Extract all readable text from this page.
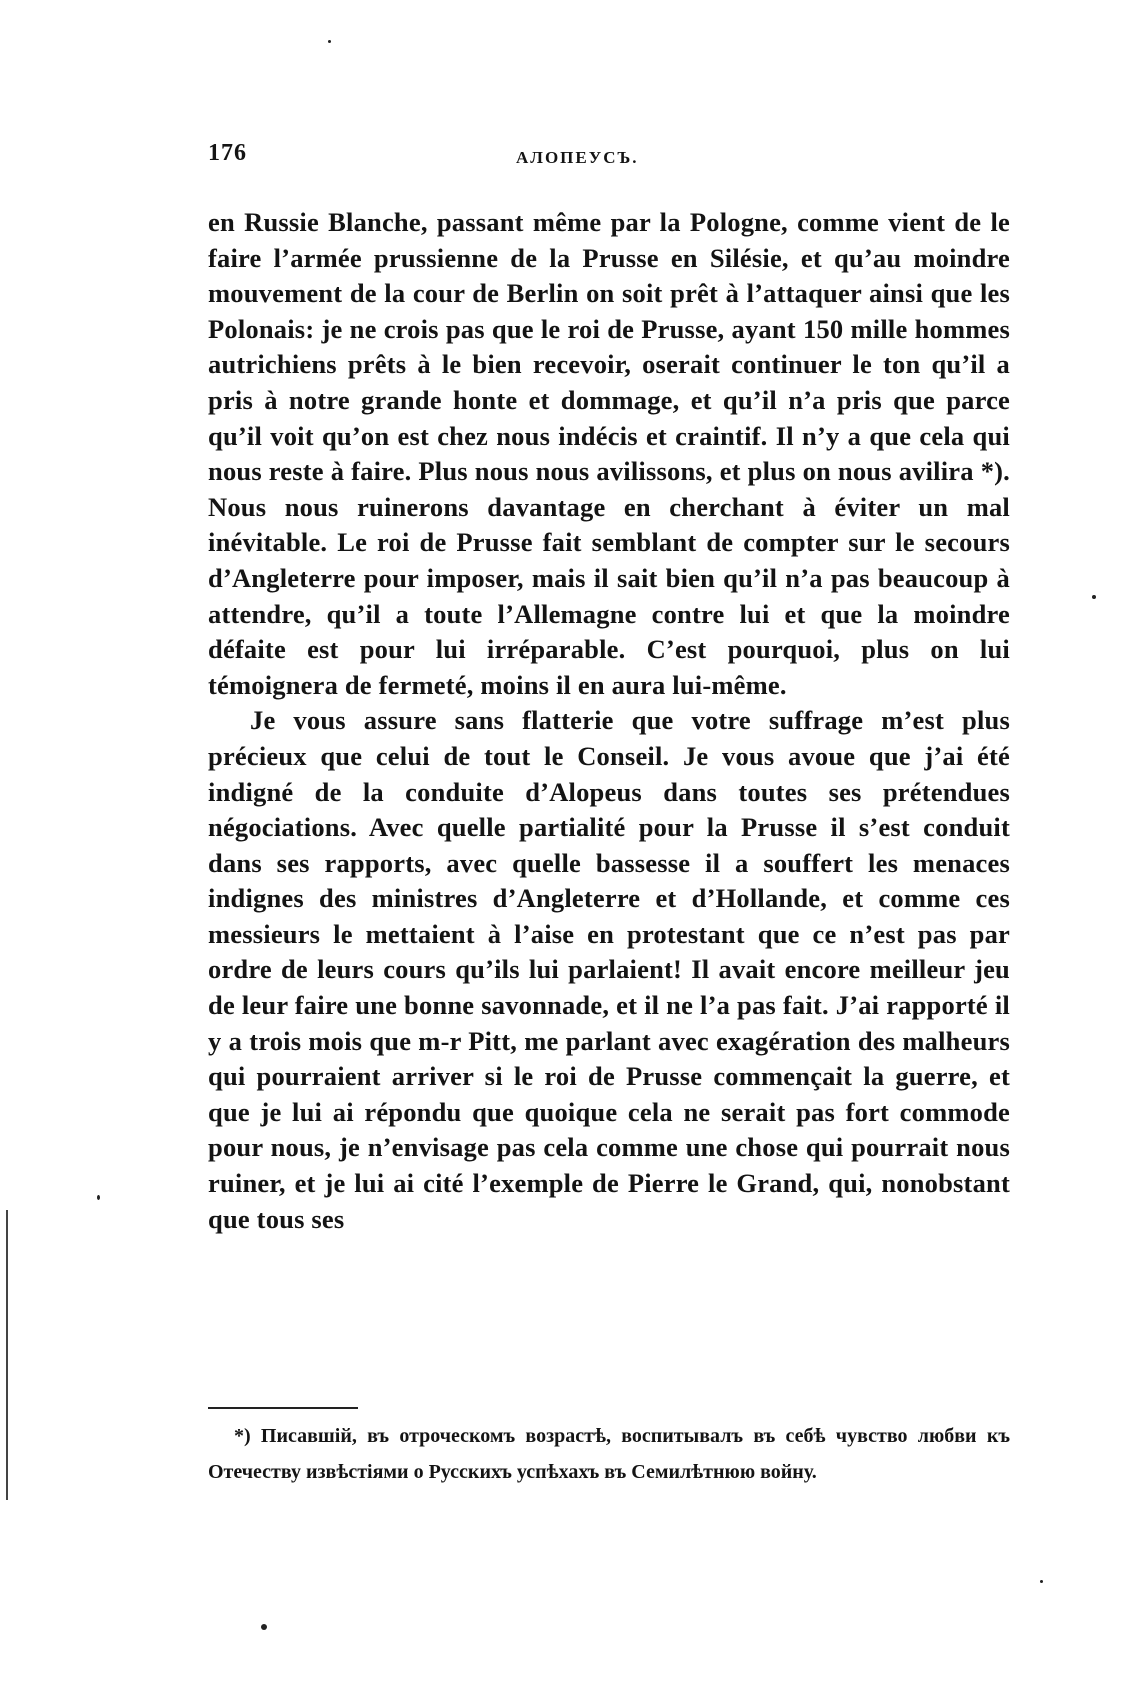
176	АЛОПЕУСЪ.

en Russie Blanche, passant même par la Pologne, comme vient de le faire l’armée prussienne de la Prusse en Silésie, et qu’au moindre mouvement de la cour de Berlin on soit prêt à l’attaquer ainsi que les Polonais: je ne crois pas que le roi de Prusse, ayant 150 mille hommes autrichiens prêts à le bien recevoir, oserait continuer le ton qu’il a pris à notre grande honte et dommage, et qu’il n’a pris que parce qu’il voit qu’on est chez nous indécis et craintif. Il n’y a que cela qui nous reste à faire. Plus nous nous avilissons, et plus on nous avilira *). Nous nous ruinerons davantage en cherchant à éviter un mal inévitable. Le roi de Prusse fait semblant de compter sur le secours d’Angleterre pour imposer, mais il sait bien qu’il n’a pas beaucoup à attendre, qu’il a toute l’Allemagne contre lui et que la moindre défaite est pour lui irréparable. C’est pourquoi, plus on lui témoignera de fermeté, moins il en aura lui-même.

Je vous assure sans flatterie que votre suffrage m’est plus précieux que celui de tout le Conseil. Je vous avoue que j’ai été indigné de la conduite d’Alopeus dans toutes ses prétendues négociations. Avec quelle partialité pour la Prusse il s’est conduit dans ses rapports, avec quelle bassesse il a souffert les menaces indignes des ministres d’Angleterre et d’Hollande, et comme ces messieurs le mettaient à l’aise en protestant que ce n’est pas par ordre de leurs cours qu’ils lui parlaient! Il avait encore meilleur jeu de leur faire une bonne savonnade, et il ne l’a pas fait. J’ai rapporté il y a trois mois que m-r Pitt, me parlant avec exagération des malheurs qui pourraient arriver si le roi de Prusse commençait la guerre, et que je lui ai répondu que quoique cela ne serait pas fort commode pour nous, je n’envisage pas cela comme une chose qui pourrait nous ruiner, et je lui ai cité l’exemple de Pierre le Grand, qui, nonobstant que tous ses

*) Писавшій, въ отроческомъ возрастѣ, воспитывалъ въ себѣ чувство любви къ Отечеству извѣстіями о Русскихъ успѣхахъ въ Семилѣтнюю войну.
